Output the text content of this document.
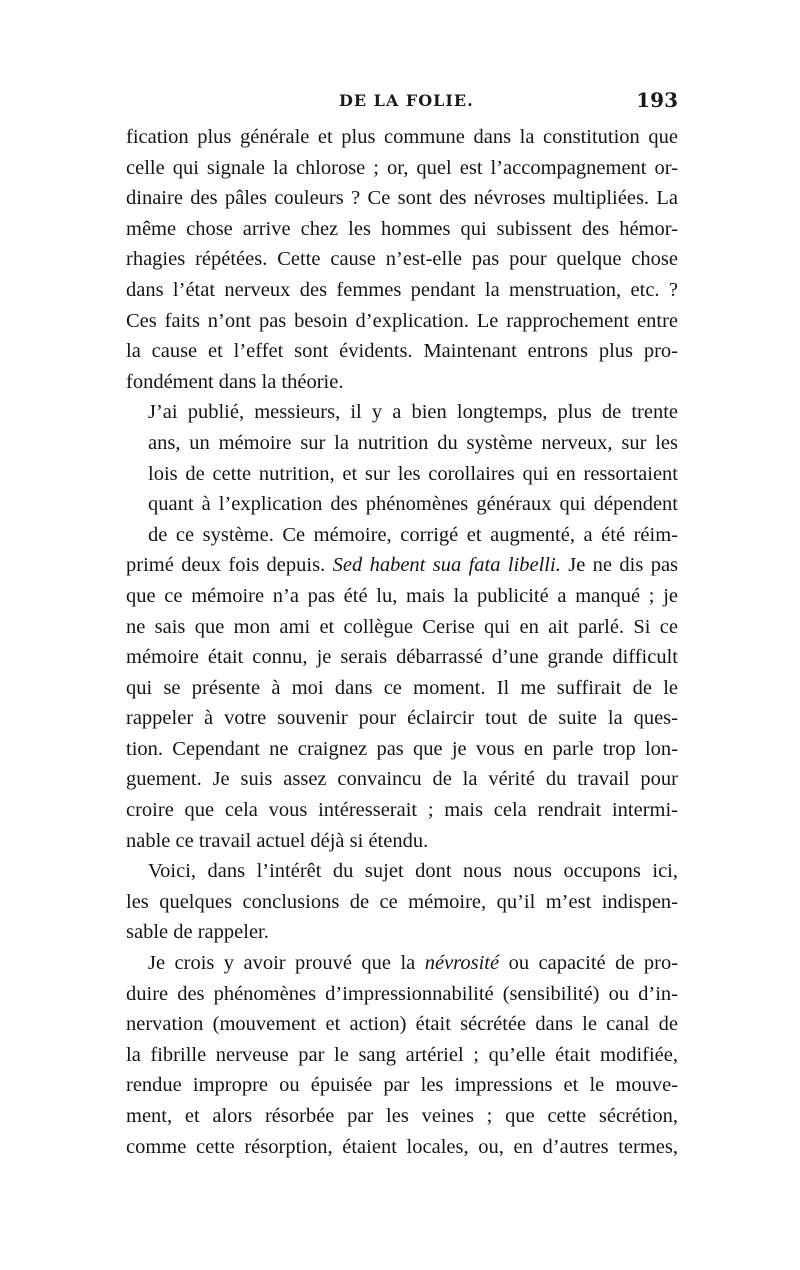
DE LA FOLIE.	193

fication plus générale et plus commune dans la constitution que
celle qui signale la chlorose ; or, quel est l’accompagnement or-
dinaire des pâles couleurs ? Ce sont des névroses multipliées. La
même chose arrive chez les hommes qui subissent des hémor-
rhagies répétées. Cette cause n’est-elle pas pour quelque chose
dans l’état nerveux des femmes pendant la menstruation, etc. ?
Ces faits n’ont pas besoin d’explication. Le rapprochement entre
la cause et l’effet sont évidents. Maintenant entrons plus pro-
fondément dans la théorie.

J’ai publié, messieurs, il y a bien longtemps, plus de trente
ans, un mémoire sur la nutrition du système nerveux, sur les
lois de cette nutrition, et sur les corollaires qui en ressortaient
quant à l’explication des phénomènes généraux qui dépendent
de ce système. Ce mémoire, corrigé et augmenté, a été réim-
primé deux fois depuis. Sed habent sua fata libelli. Je ne dis pas
que ce mémoire n’a pas été lu, mais la publicité a manqué ; je
ne sais que mon ami et collègue Cerise qui en ait parlé. Si ce
mémoire était connu, je serais débarrassé d’une grande difficult
qui se présente à moi dans ce moment. Il me suffirait de le
rappeler à votre souvenir pour éclaircir tout de suite la ques-
tion. Cependant ne craignez pas que je vous en parle trop lon-
guement. Je suis assez convaincu de la vérité du travail pour
croire que cela vous intéresserait ; mais cela rendrait intermi-
nable ce travail actuel déjà si étendu.

Voici, dans l’intérêt du sujet dont nous nous occupons ici,
les quelques conclusions de ce mémoire, qu’il m’est indispen-
sable de rappeler.

Je crois y avoir prouvé que la névrosité ou capacité de pro-
duire des phénomènes d’impressionnabilité (sensibilité) ou d’in-
nervation (mouvement et action) était sécrétée dans le canal de
la fibrille nerveuse par le sang artériel ; qu’elle était modifiée,
rendue impropre ou épuisée par les impressions et le mouve-
ment, et alors résorbée par les veines ; que cette sécrétion,
comme cette résorption, étaient locales, ou, en d’autres termes,
